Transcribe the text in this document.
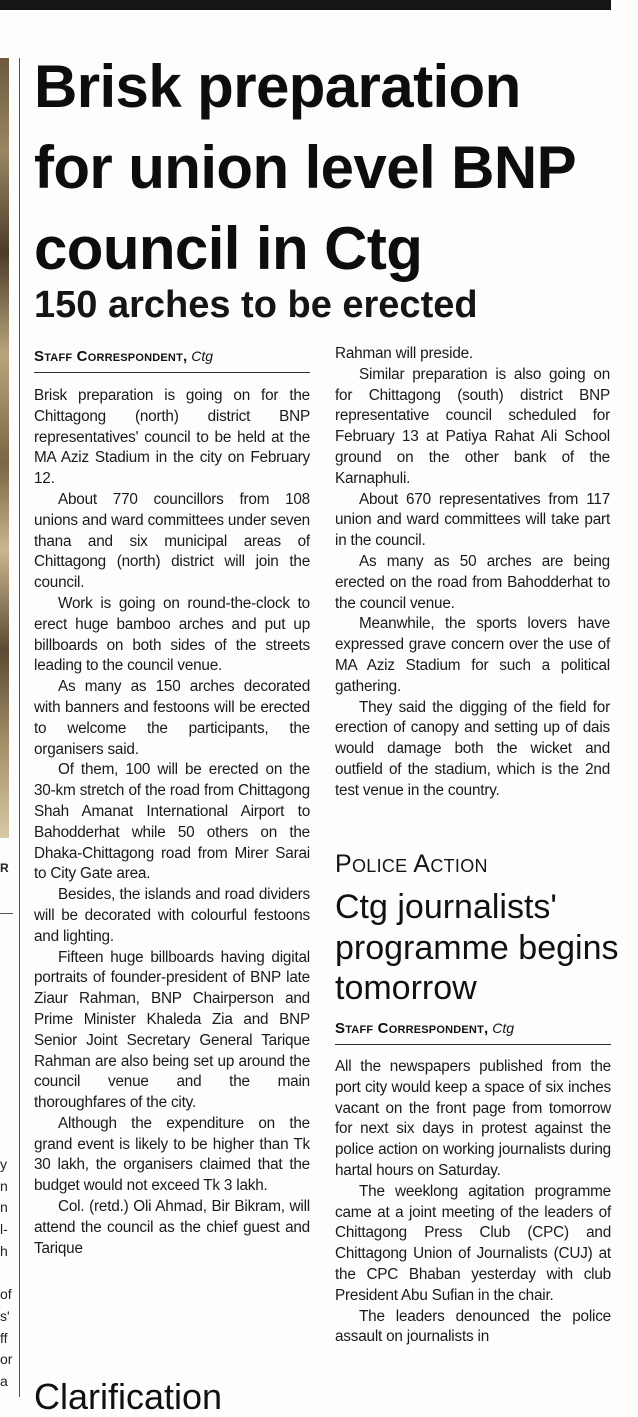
R
y
n
n
l-
h
of
s'
ff
or
a
Brisk preparation for union level BNP council in Ctg
150 arches to be erected
Staff Correspondent, Ctg

Brisk preparation is going on for the Chittagong (north) district BNP representatives' council to be held at the MA Aziz Stadium in the city on February 12.

About 770 councillors from 108 unions and ward committees under seven thana and six municipal areas of Chittagong (north) district will join the council.

Work is going on round-the-clock to erect huge bamboo arches and put up billboards on both sides of the streets leading to the council venue.

As many as 150 arches decorated with banners and festoons will be erected to welcome the participants, the organisers said.

Of them, 100 will be erected on the 30-km stretch of the road from Chittagong Shah Amanat International Airport to Bahodderhat while 50 others on the Dhaka-Chittagong road from Mirer Sarai to City Gate area.

Besides, the islands and road dividers will be decorated with colourful festoons and lighting.

Fifteen huge billboards having digital portraits of founder-president of BNP late Ziaur Rahman, BNP Chairperson and Prime Minister Khaleda Zia and BNP Senior Joint Secretary General Tarique Rahman are also being set up around the council venue and the main thoroughfares of the city.

Although the expenditure on the grand event is likely to be higher than Tk 30 lakh, the organisers claimed that the budget would not exceed Tk 3 lakh.

Col. (retd.) Oli Ahmad, Bir Bikram, will attend the council as the chief guest and Tarique

Rahman will preside.

Similar preparation is also going on for Chittagong (south) district BNP representative council scheduled for February 13 at Patiya Rahat Ali School ground on the other bank of the Karnaphuli.

About 670 representatives from 117 union and ward committees will take part in the council.

As many as 50 arches are being erected on the road from Bahodderhat to the council venue.

Meanwhile, the sports lovers have expressed grave concern over the use of MA Aziz Stadium for such a political gathering.

They said the digging of the field for erection of canopy and setting up of dais would damage both the wicket and outfield of the stadium, which is the 2nd test venue in the country.

Police Action
Ctg journalists' programme begins tomorrow
Staff Correspondent, Ctg

All the newspapers published from the port city would keep a space of six inches vacant on the front page from tomorrow for next six days in protest against the police action on working journalists during hartal hours on Saturday.

The weeklong agitation programme came at a joint meeting of the leaders of Chittagong Press Club (CPC) and Chittagong Union of Journalists (CUJ) at the CPC Bhaban yesterday with club President Abu Sufian in the chair.

The leaders denounced the police assault on journalists in

Clarification
